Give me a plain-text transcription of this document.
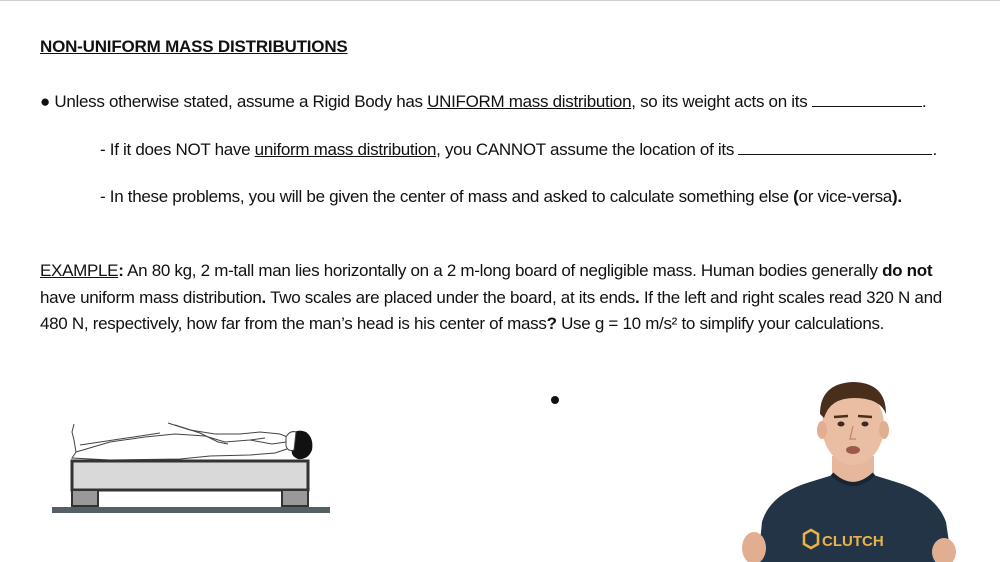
NON-UNIFORM MASS DISTRIBUTIONS
● Unless otherwise stated, assume a Rigid Body has UNIFORM mass distribution, so its weight acts on its	.
- If it does NOT have uniform mass distribution, you CANNOT assume the location of its	.
- In these problems, you will be given the center of mass and asked to calculate something else (or vice-versa).

EXAMPLE: An 80 kg, 2 m-tall man lies horizontally on a 2 m-long board of negligible mass. Human bodies generally do not have uniform mass distribution. Two scales are placed under the board, at its ends. If the left and right scales read 320 N and 480 N, respectively, how far from the man’s head is his center of mass? Use g = 10 m/s² to simplify your calculations.

CLUTCH
